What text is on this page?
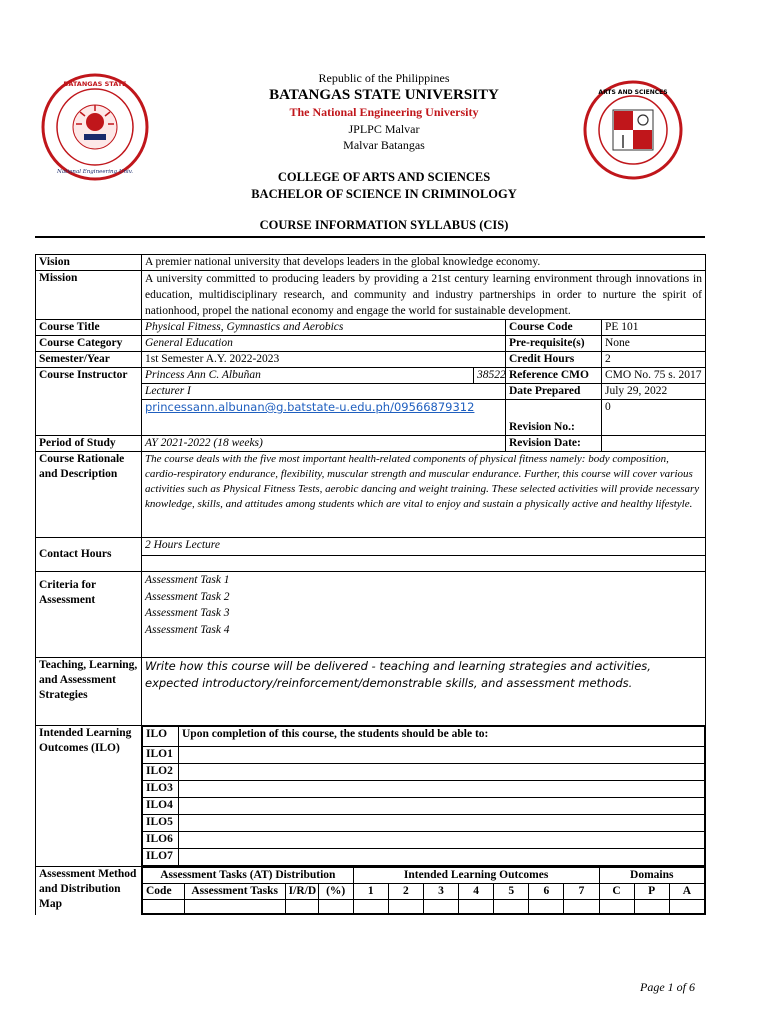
BATANGAS STATE
National Engineering Univ.
Republic of the Philippines
BATANGAS STATE UNIVERSITY
The National Engineering University
JPLPC Malvar
Malvar Batangas
COLLEGE OF ARTS AND SCIENCES
BACHELOR OF SCIENCE IN CRIMINOLOGY
COURSE INFORMATION SYLLABUS (CIS)
ARTS AND SCIENCES
Vision	A premier national university that develops leaders in the global knowledge economy.
Mission	A university committed to producing leaders by providing a 21st century learning environment through innovations in education, multidisciplinary research, and community and industry partnerships in order to nurture the spirit of nationhood, propel the national economy and engage the world for sustainable development.
Course Title	Physical Fitness, Gymnastics and Aerobics	Course Code	PE 101
Course Category	General Education	Pre-requisite(s)	None
Semester/Year	1st Semester A.Y. 2022-2023	Credit Hours	2
Course Instructor	Princess Ann C. Albuñan	38522	Reference CMO	CMO No. 75 s. 2017
Lecturer I	Date Prepared	July 29, 2022
princessann.albunan@g.batstate-u.edu.ph/09566879312	Revision No.:	0
Period of Study	AY 2021-2022 (18 weeks)	Revision Date:	
Course Rationale and Description	The course deals with the five most important health-related components of physical fitness namely: body composition, cardio-respiratory endurance, flexibility, muscular strength and muscular endurance. Further, this course will cover various activities such as Physical Fitness Tests, aerobic dancing and weight training. These selected activities will provide necessary knowledge, skills, and attitudes among students which are vital to enjoy and sustain a physically active and healthy lifestyle.
Contact Hours	2 Hours Lecture

Criteria for Assessment	
Assessment Task 1
Assessment Task 2
Assessment Task 3
Assessment Task 4

Teaching, Learning, and Assessment Strategies	Write how this course will be delivered - teaching and learning strategies and activities, expected introductory/reinforcement/demonstrable skills, and assessment methods.
Intended Learning Outcomes (ILO)	
ILO	Upon completion of this course, the students should be able to:
ILO1	
ILO2	
ILO3	
ILO4	
ILO5	
ILO6	
ILO7	

Assessment Method and Distribution Map	
Assessment Tasks (AT) Distribution	Intended Learning Outcomes	Domains
Code	Assessment Tasks	I/R/D	(%)	1	2	3	4	5	6	7	C	P	A

Page 1 of 6
